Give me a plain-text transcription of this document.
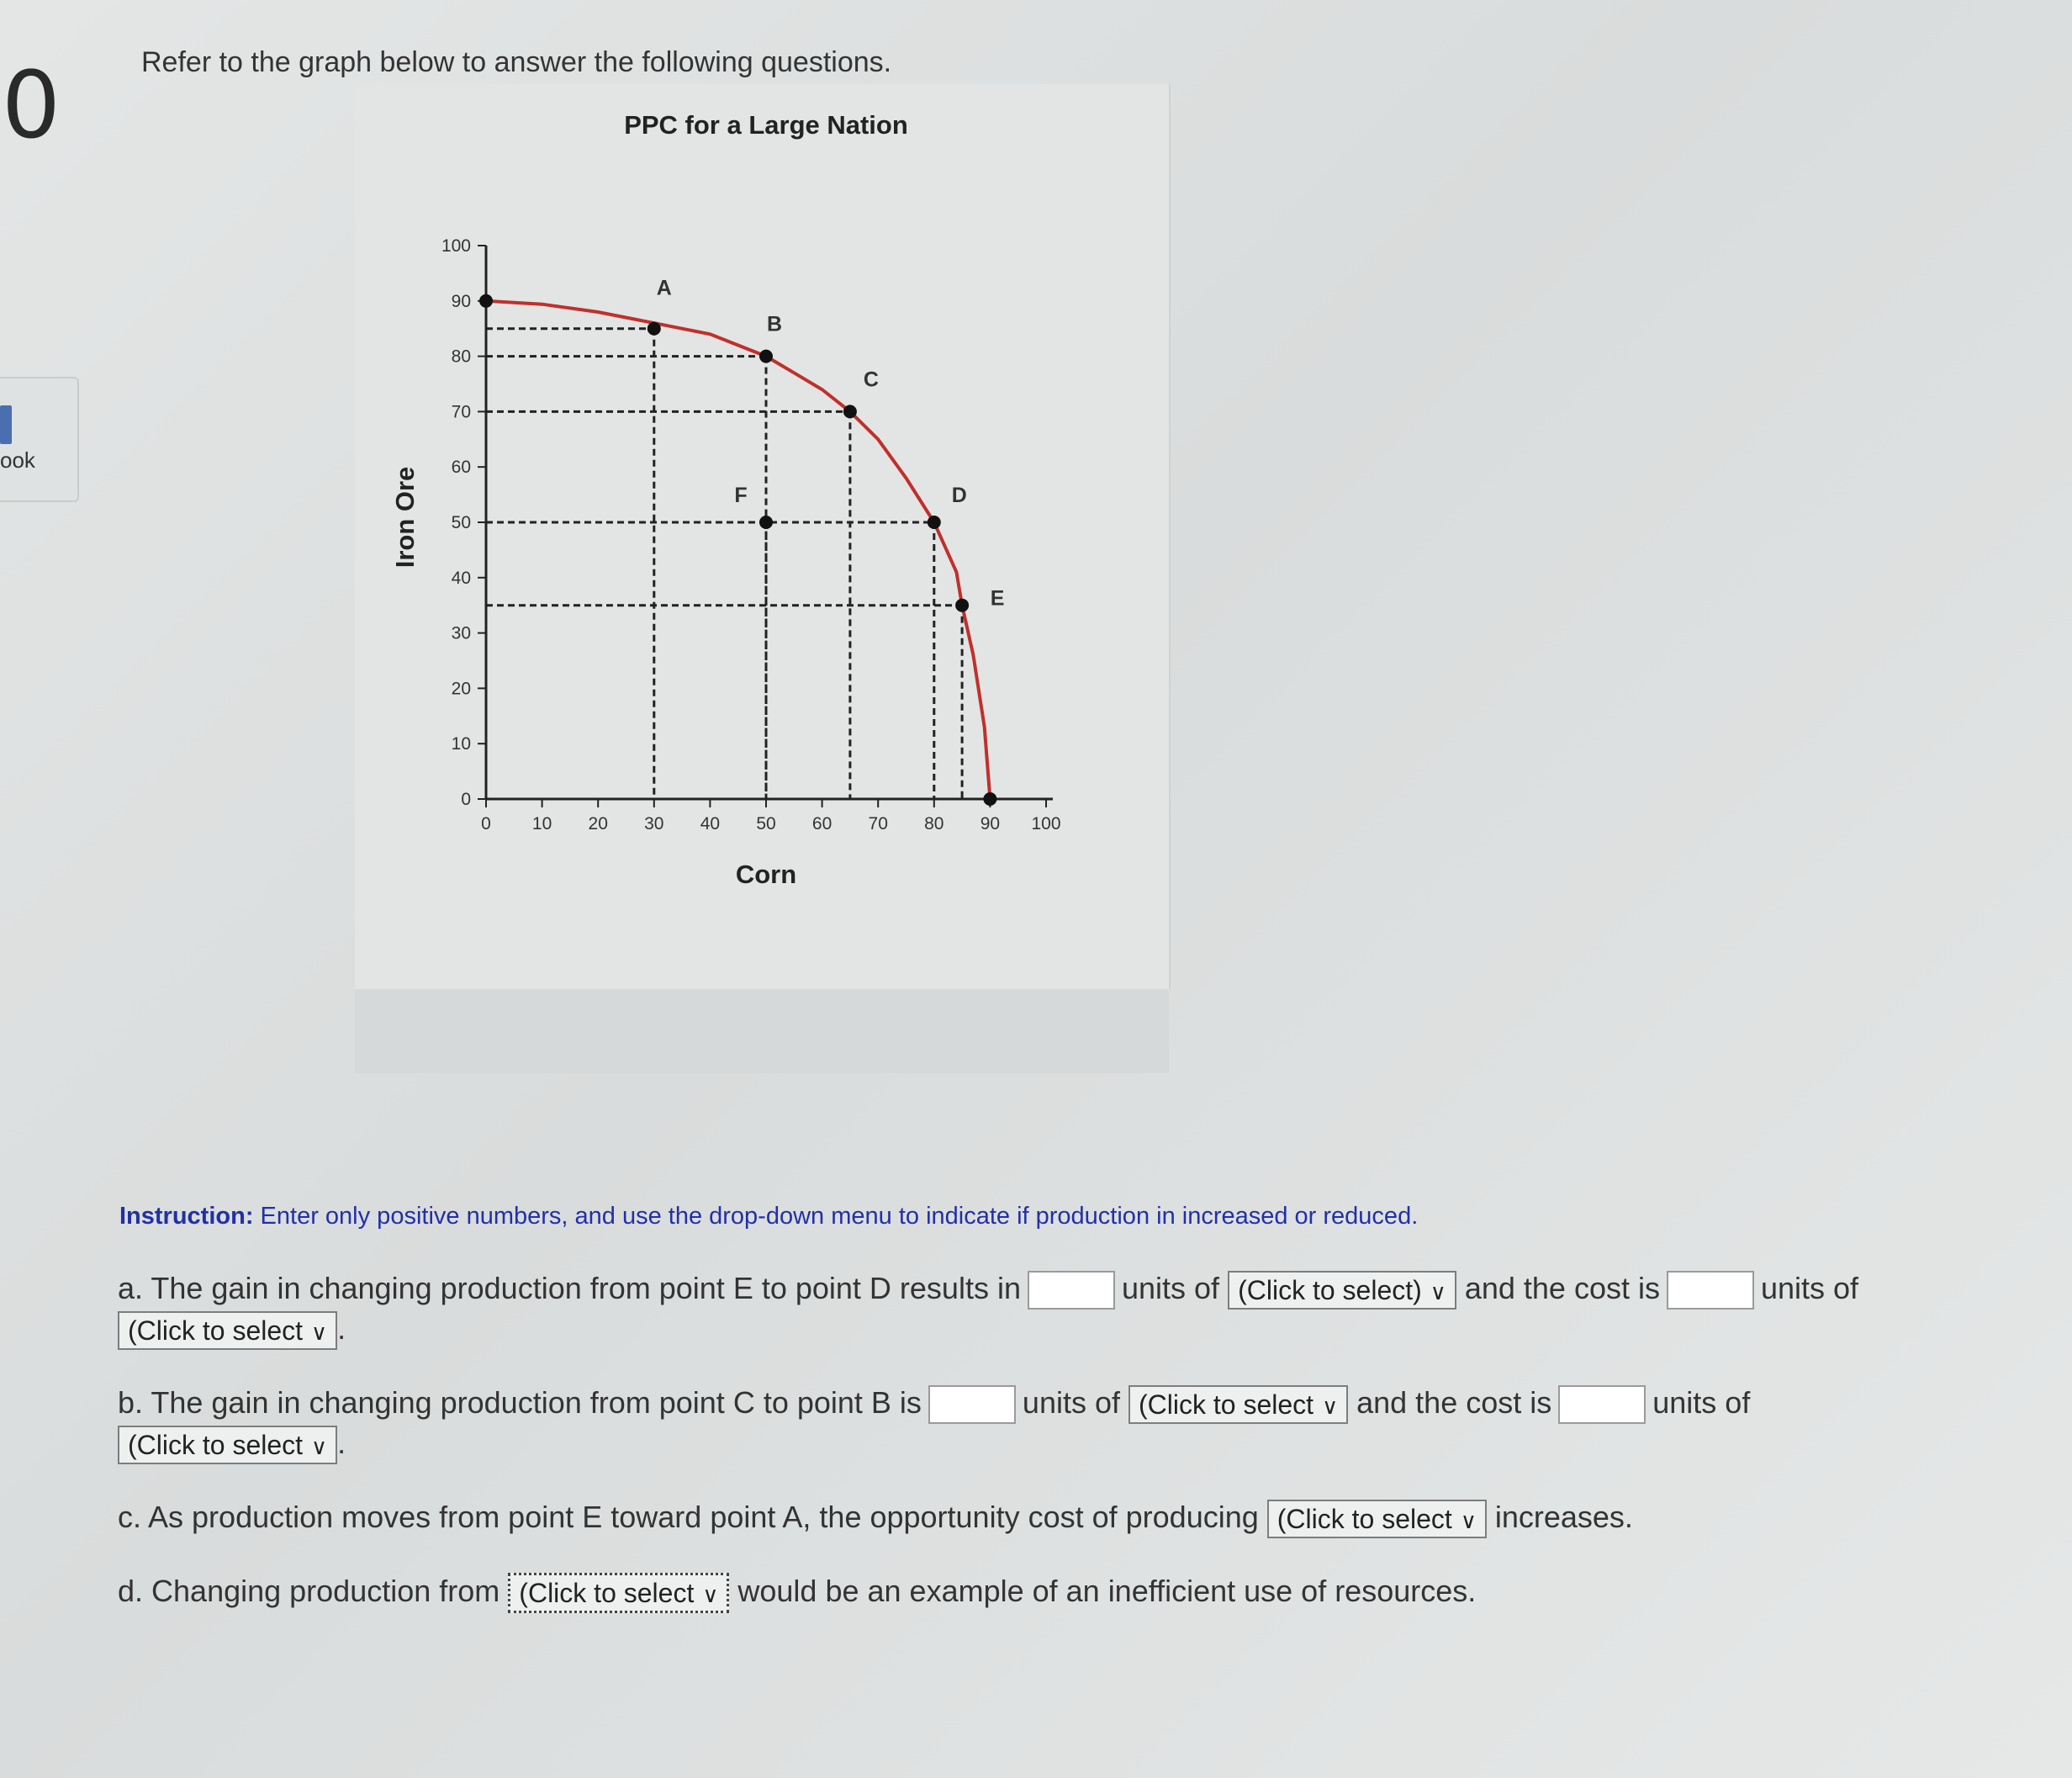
0
ook
Refer to the graph below to answer the following questions.
PPC for a Large Nation
0 10 20 30 40 50 60 70 80 90 100
0
10
20
30
40
50
60
70
80
90
100
A
B
C
D
E
F
Corn
Iron Ore
Instruction: Enter only positive numbers, and use the drop-down menu to indicate if production in increased or reduced.
a. The gain in changing production from point E to point D results in	units of (Click to select) ∨ and the cost is	units of
(Click to select ∨ .
b. The gain in changing production from point C to point B is	units of (Click to select ∨ and the cost is	units of
(Click to select ∨ .
c. As production moves from point E toward point A, the opportunity cost of producing (Click to select ∨ increases.
d. Changing production from (Click to select ∨ would be an example of an inefficient use of resources.
